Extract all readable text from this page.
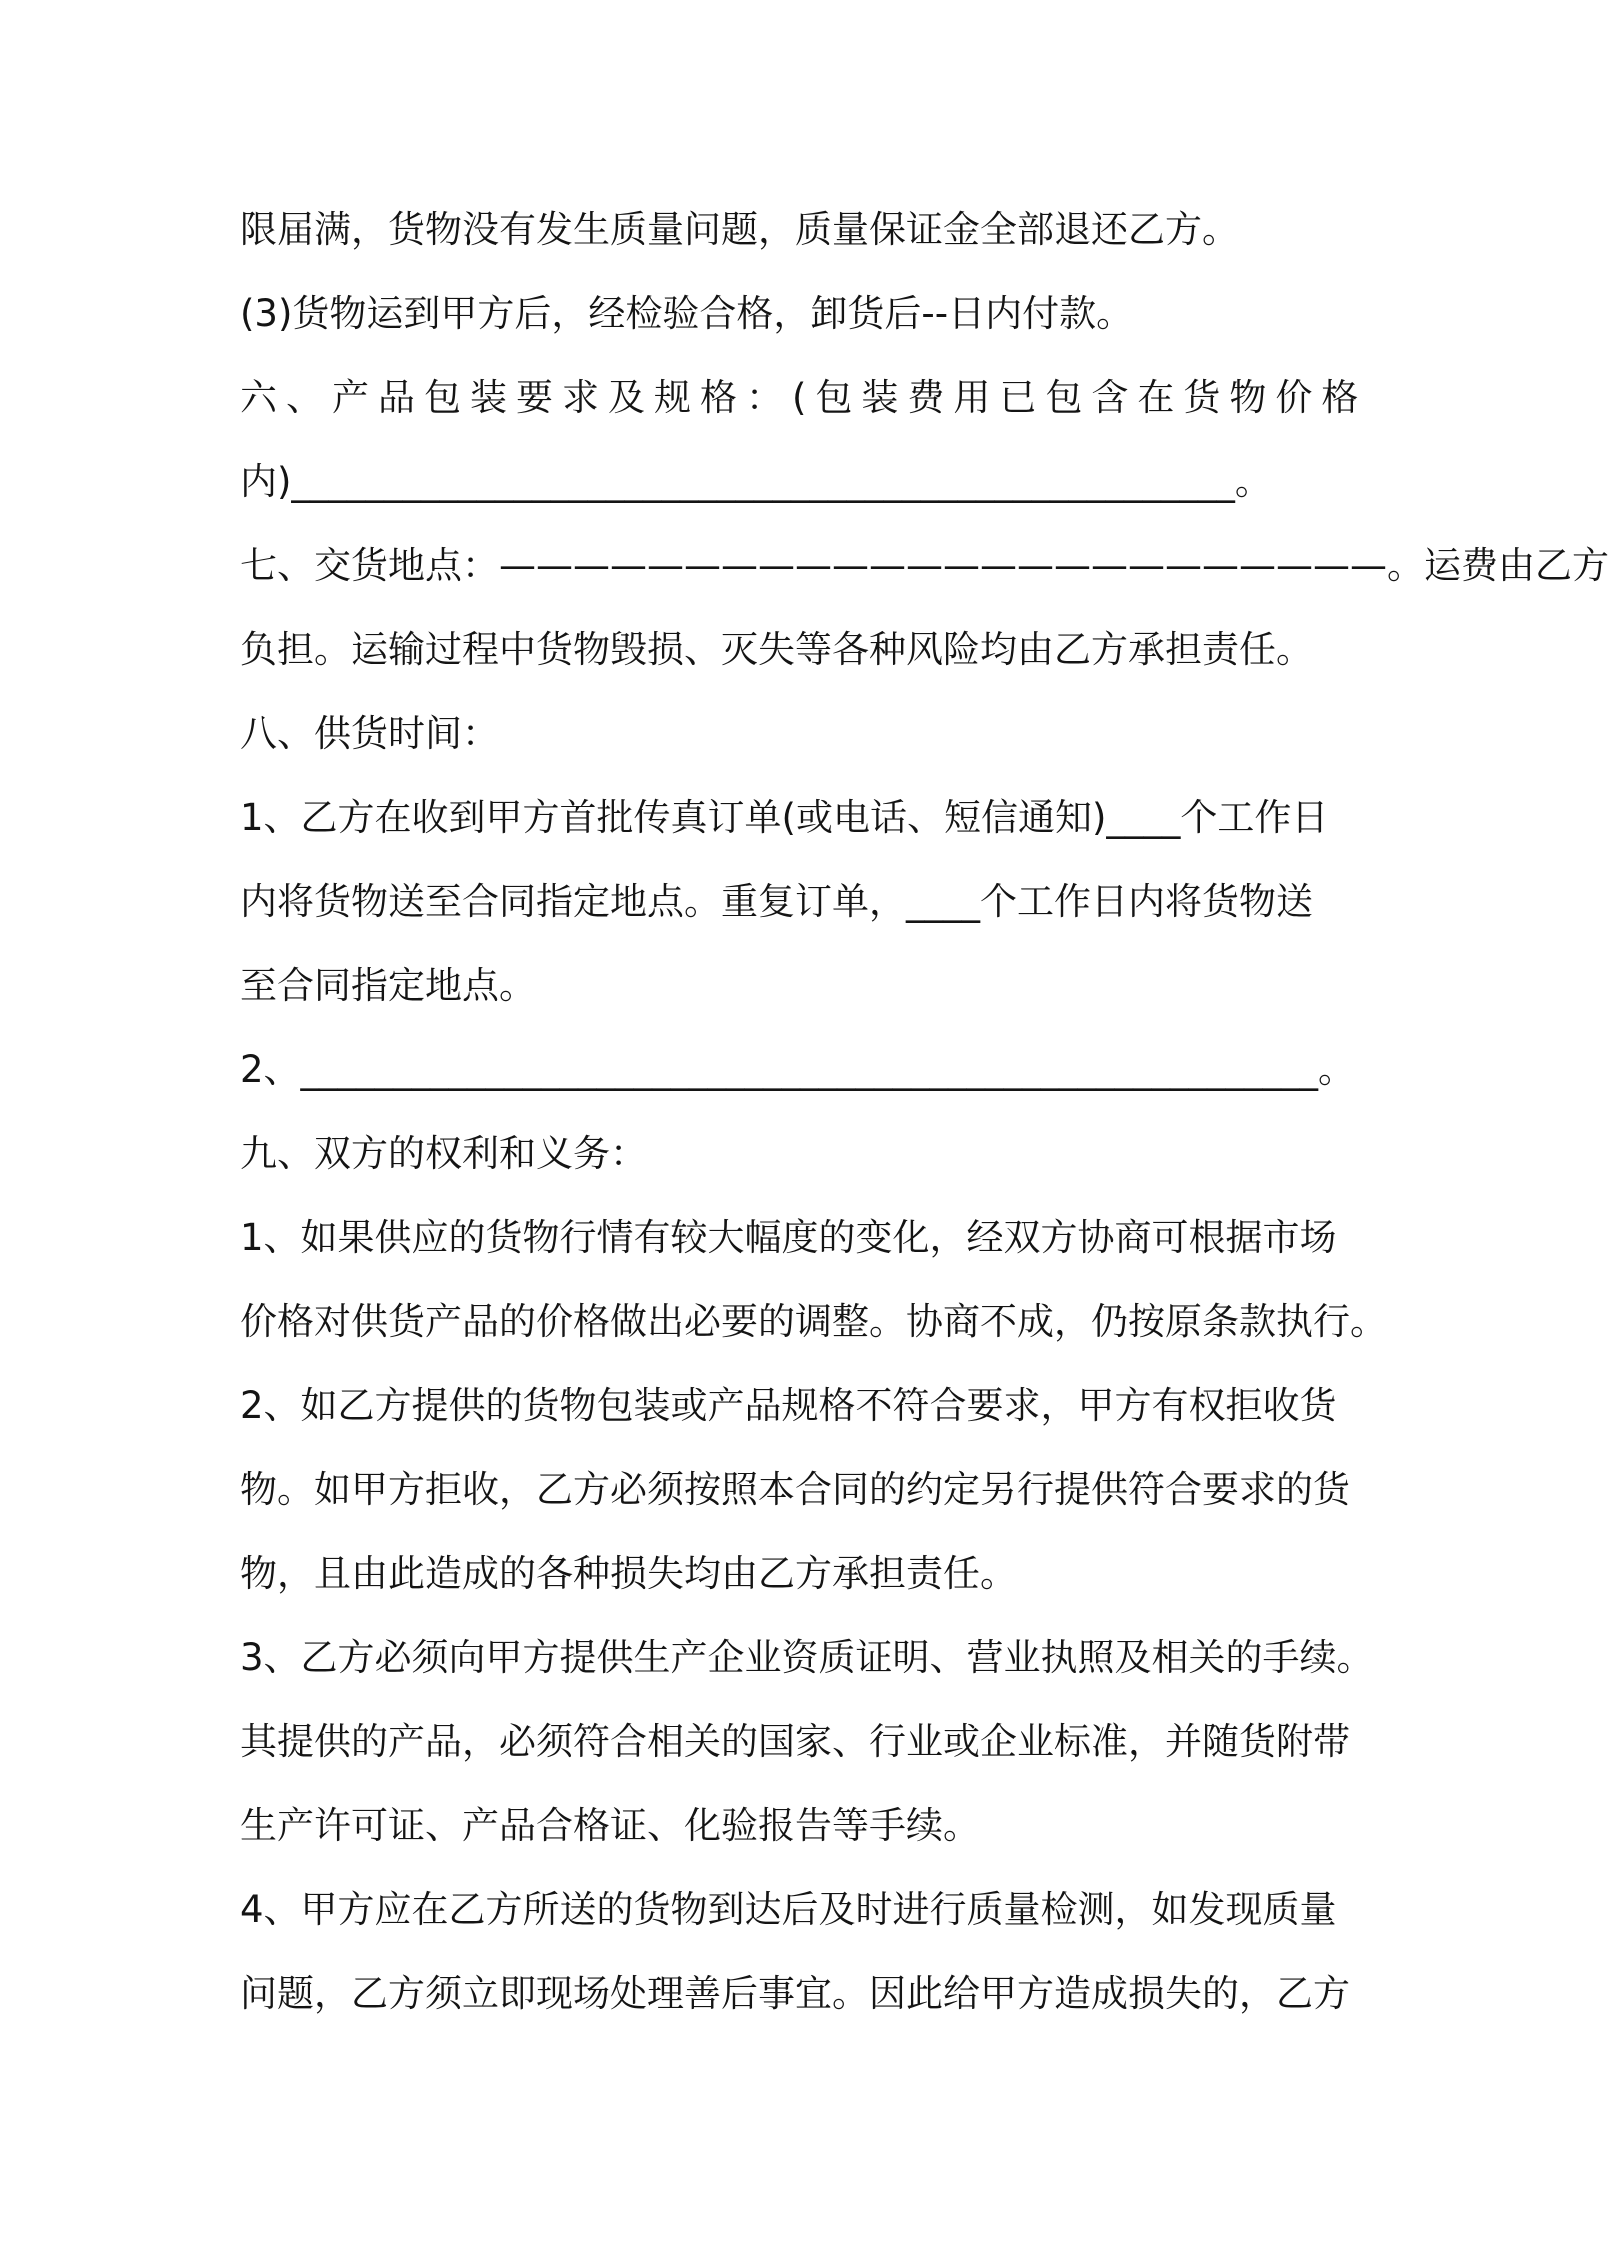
限届满，货物没有发生质量问题，质量保证金全部退还乙方。
(3)货物运到甲方后，经检验合格，卸货后--日内付款。
六、产品包装要求及规格：(包装费用已包含在货物价格
内)___________________________________________________。
七、交货地点：————————————————————————。运费由乙方
负担。运输过程中货物毁损、灭失等各种风险均由乙方承担责任。
八、供货时间：
1、乙方在收到甲方首批传真订单(或电话、短信通知)____个工作日
内将货物送至合同指定地点。重复订单，____个工作日内将货物送
至合同指定地点。
2、_______________________________________________________。
九、双方的权利和义务：
1、如果供应的货物行情有较大幅度的变化，经双方协商可根据市场
价格对供货产品的价格做出必要的调整。协商不成，仍按原条款执行。
2、如乙方提供的货物包装或产品规格不符合要求，甲方有权拒收货
物。如甲方拒收，乙方必须按照本合同的约定另行提供符合要求的货
物，且由此造成的各种损失均由乙方承担责任。
3、乙方必须向甲方提供生产企业资质证明、营业执照及相关的手续。
其提供的产品，必须符合相关的国家、行业或企业标准，并随货附带
生产许可证、产品合格证、化验报告等手续。
4、甲方应在乙方所送的货物到达后及时进行质量检测，如发现质量
问题，乙方须立即现场处理善后事宜。因此给甲方造成损失的，乙方
